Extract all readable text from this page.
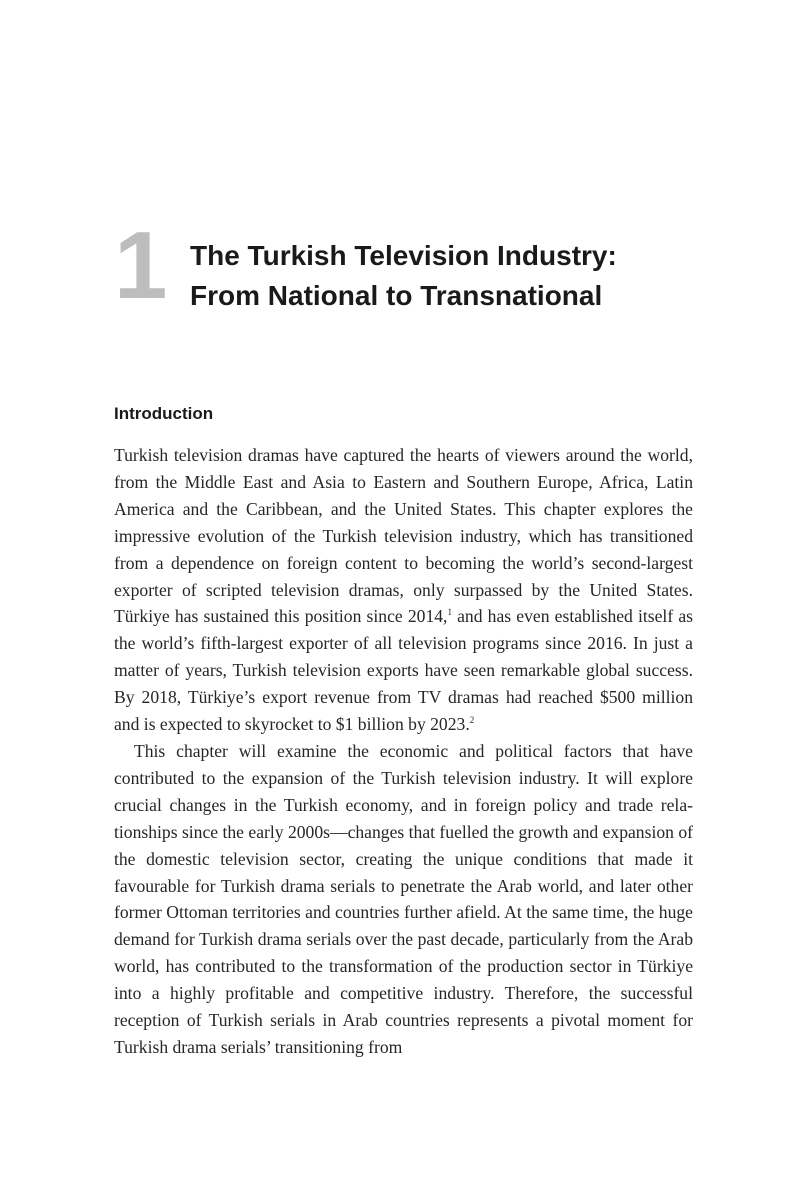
1 The Turkish Television Industry:
From National to Transnational
Introduction

Turkish television dramas have captured the hearts of viewers around the world, from the Middle East and Asia to Eastern and Southern Europe, Africa, Latin America and the Caribbean, and the United States. This chapter explores the impressive evolution of the Turkish television industry, which has transitioned from a dependence on foreign content to becoming the world’s second-largest exporter of scripted television dramas, only surpassed by the United States. Türkiye has sustained this position since 2014,$^1$ and has even established itself as the world’s fifth-largest exporter of all television programs since 2016. In just a matter of years, Turkish television exports have seen remarkable global success. By 2018, Türkiye’s export revenue from TV dramas had reached $500 million and is expected to skyrocket to $1 billion by 2023.$^2$

This chapter will examine the economic and political factors that have contributed to the expansion of the Turkish television industry. It will explore crucial changes in the Turkish economy, and in foreign policy and trade relationships since the early 2000s—changes that fuelled the growth and expansion of the domestic television sector, creating the unique conditions that made it favourable for Turkish drama serials to penetrate the Arab world, and later other former Ottoman territories and countries further afield. At the same time, the huge demand for Turkish drama serials over the past decade, particularly from the Arab world, has contributed to the transformation of the production sector in Türkiye into a highly profitable and competitive industry. Therefore, the successful reception of Turkish serials in Arab countries represents a pivotal moment for Turkish drama serials’ transitioning from
